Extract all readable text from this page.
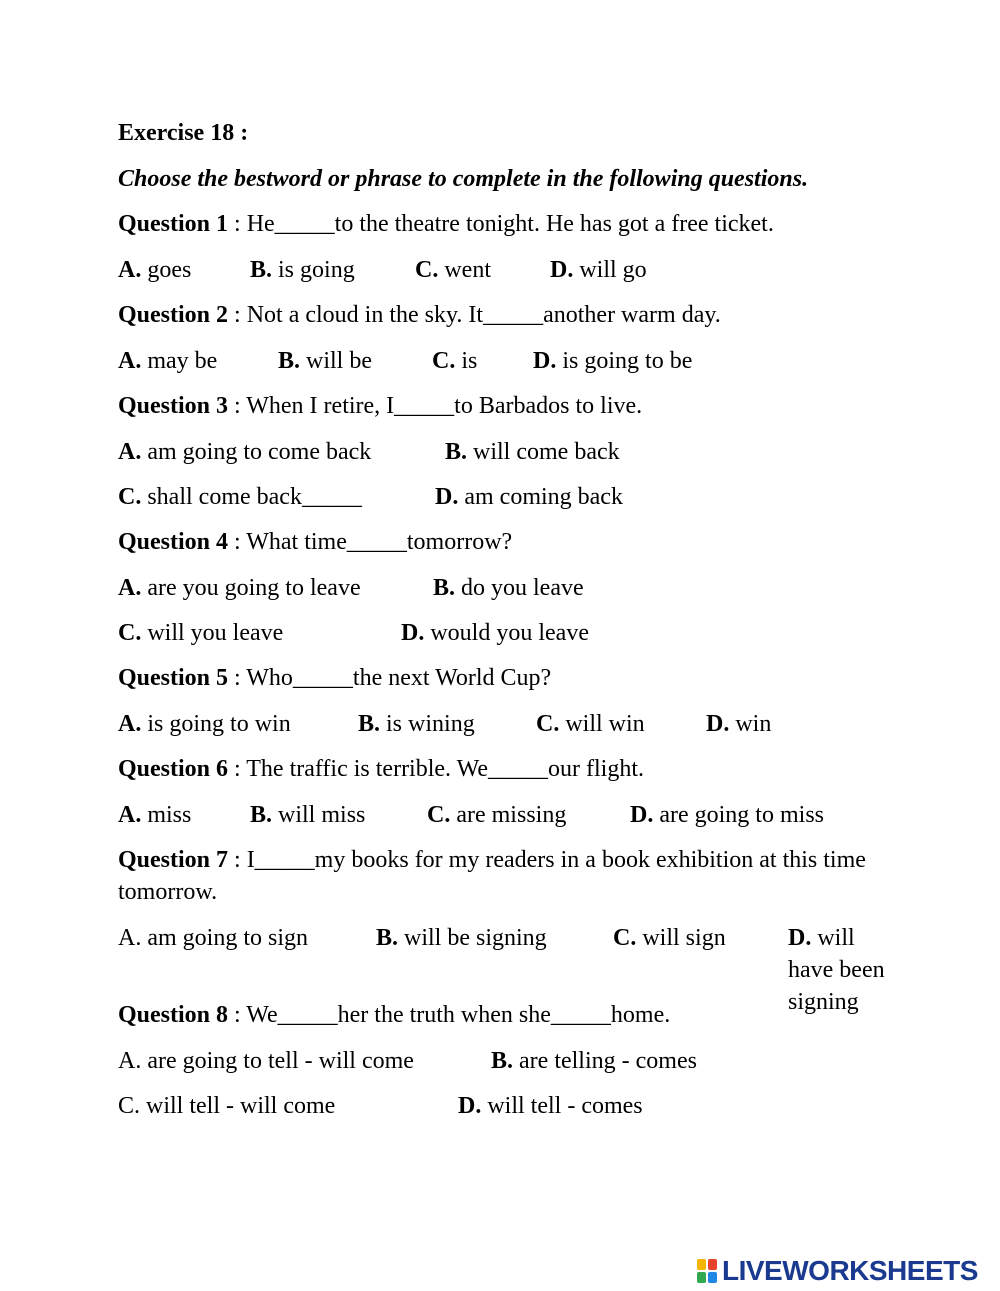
Exercise 18 :
Choose the bestword or phrase to complete in the following questions.
Question 1 : He_____to the theatre tonight. He has got a free ticket.
A. goes B. is going	C. went D. will go
Question 2 : Not a cloud in the sky. It_____another warm day.
A. may be	B. will be C. is D. is going to be
Question 3 : When I retire, I_____to Barbados to live.
A. am going to come back	B. will come back
C. shall come back_____	D. am coming back
Question 4 : What time_____tomorrow?
A. are you going to leave	B. do you leave
C. will you leave	D. would you leave
Question 5 : Who_____the next World Cup?
A. is going to win	B. is wining	C. will win	D. win
Question 6 : The traffic is terrible. We_____our flight.
A. miss B. will miss	C. are missing	D. are going to miss
Question 7 : I_____my books for my readers in a book exhibition at this time tomorrow.
A. am going to sign	B. will be signing	C. will sign	D. will have been signing
Question 8 : We_____her the truth when she_____home.
A. are going to tell - will come	B. are telling - comes
C. will tell - will come	D. will tell - comes
LIVEWORKSHEETS
